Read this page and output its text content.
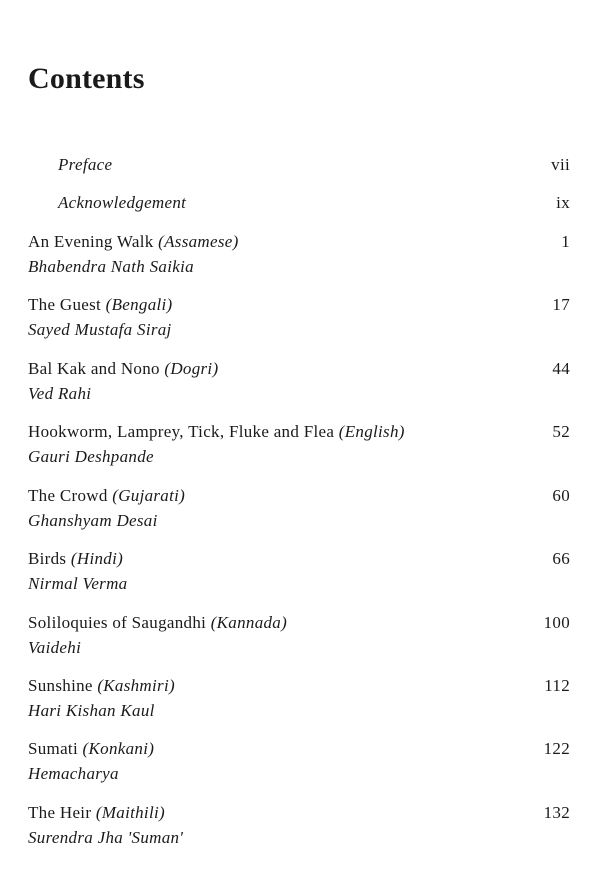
Contents
Preface	vii
Acknowledgement	ix
An Evening Walk (Assamese)
Bhabendra Nath Saikia
1
The Guest (Bengali)
Sayed Mustafa Siraj
17
Bal Kak and Nono (Dogri)
Ved Rahi
44
Hookworm, Lamprey, Tick, Fluke and Flea (English)
Gauri Deshpande
52
The Crowd (Gujarati)
Ghanshyam Desai
60
Birds (Hindi)
Nirmal Verma
66
Soliloquies of Saugandhi (Kannada)
Vaidehi
100
Sunshine (Kashmiri)
Hari Kishan Kaul
112
Sumati (Konkani)
Hemacharya
122
The Heir (Maithili)
Surendra Jha 'Suman'
132
